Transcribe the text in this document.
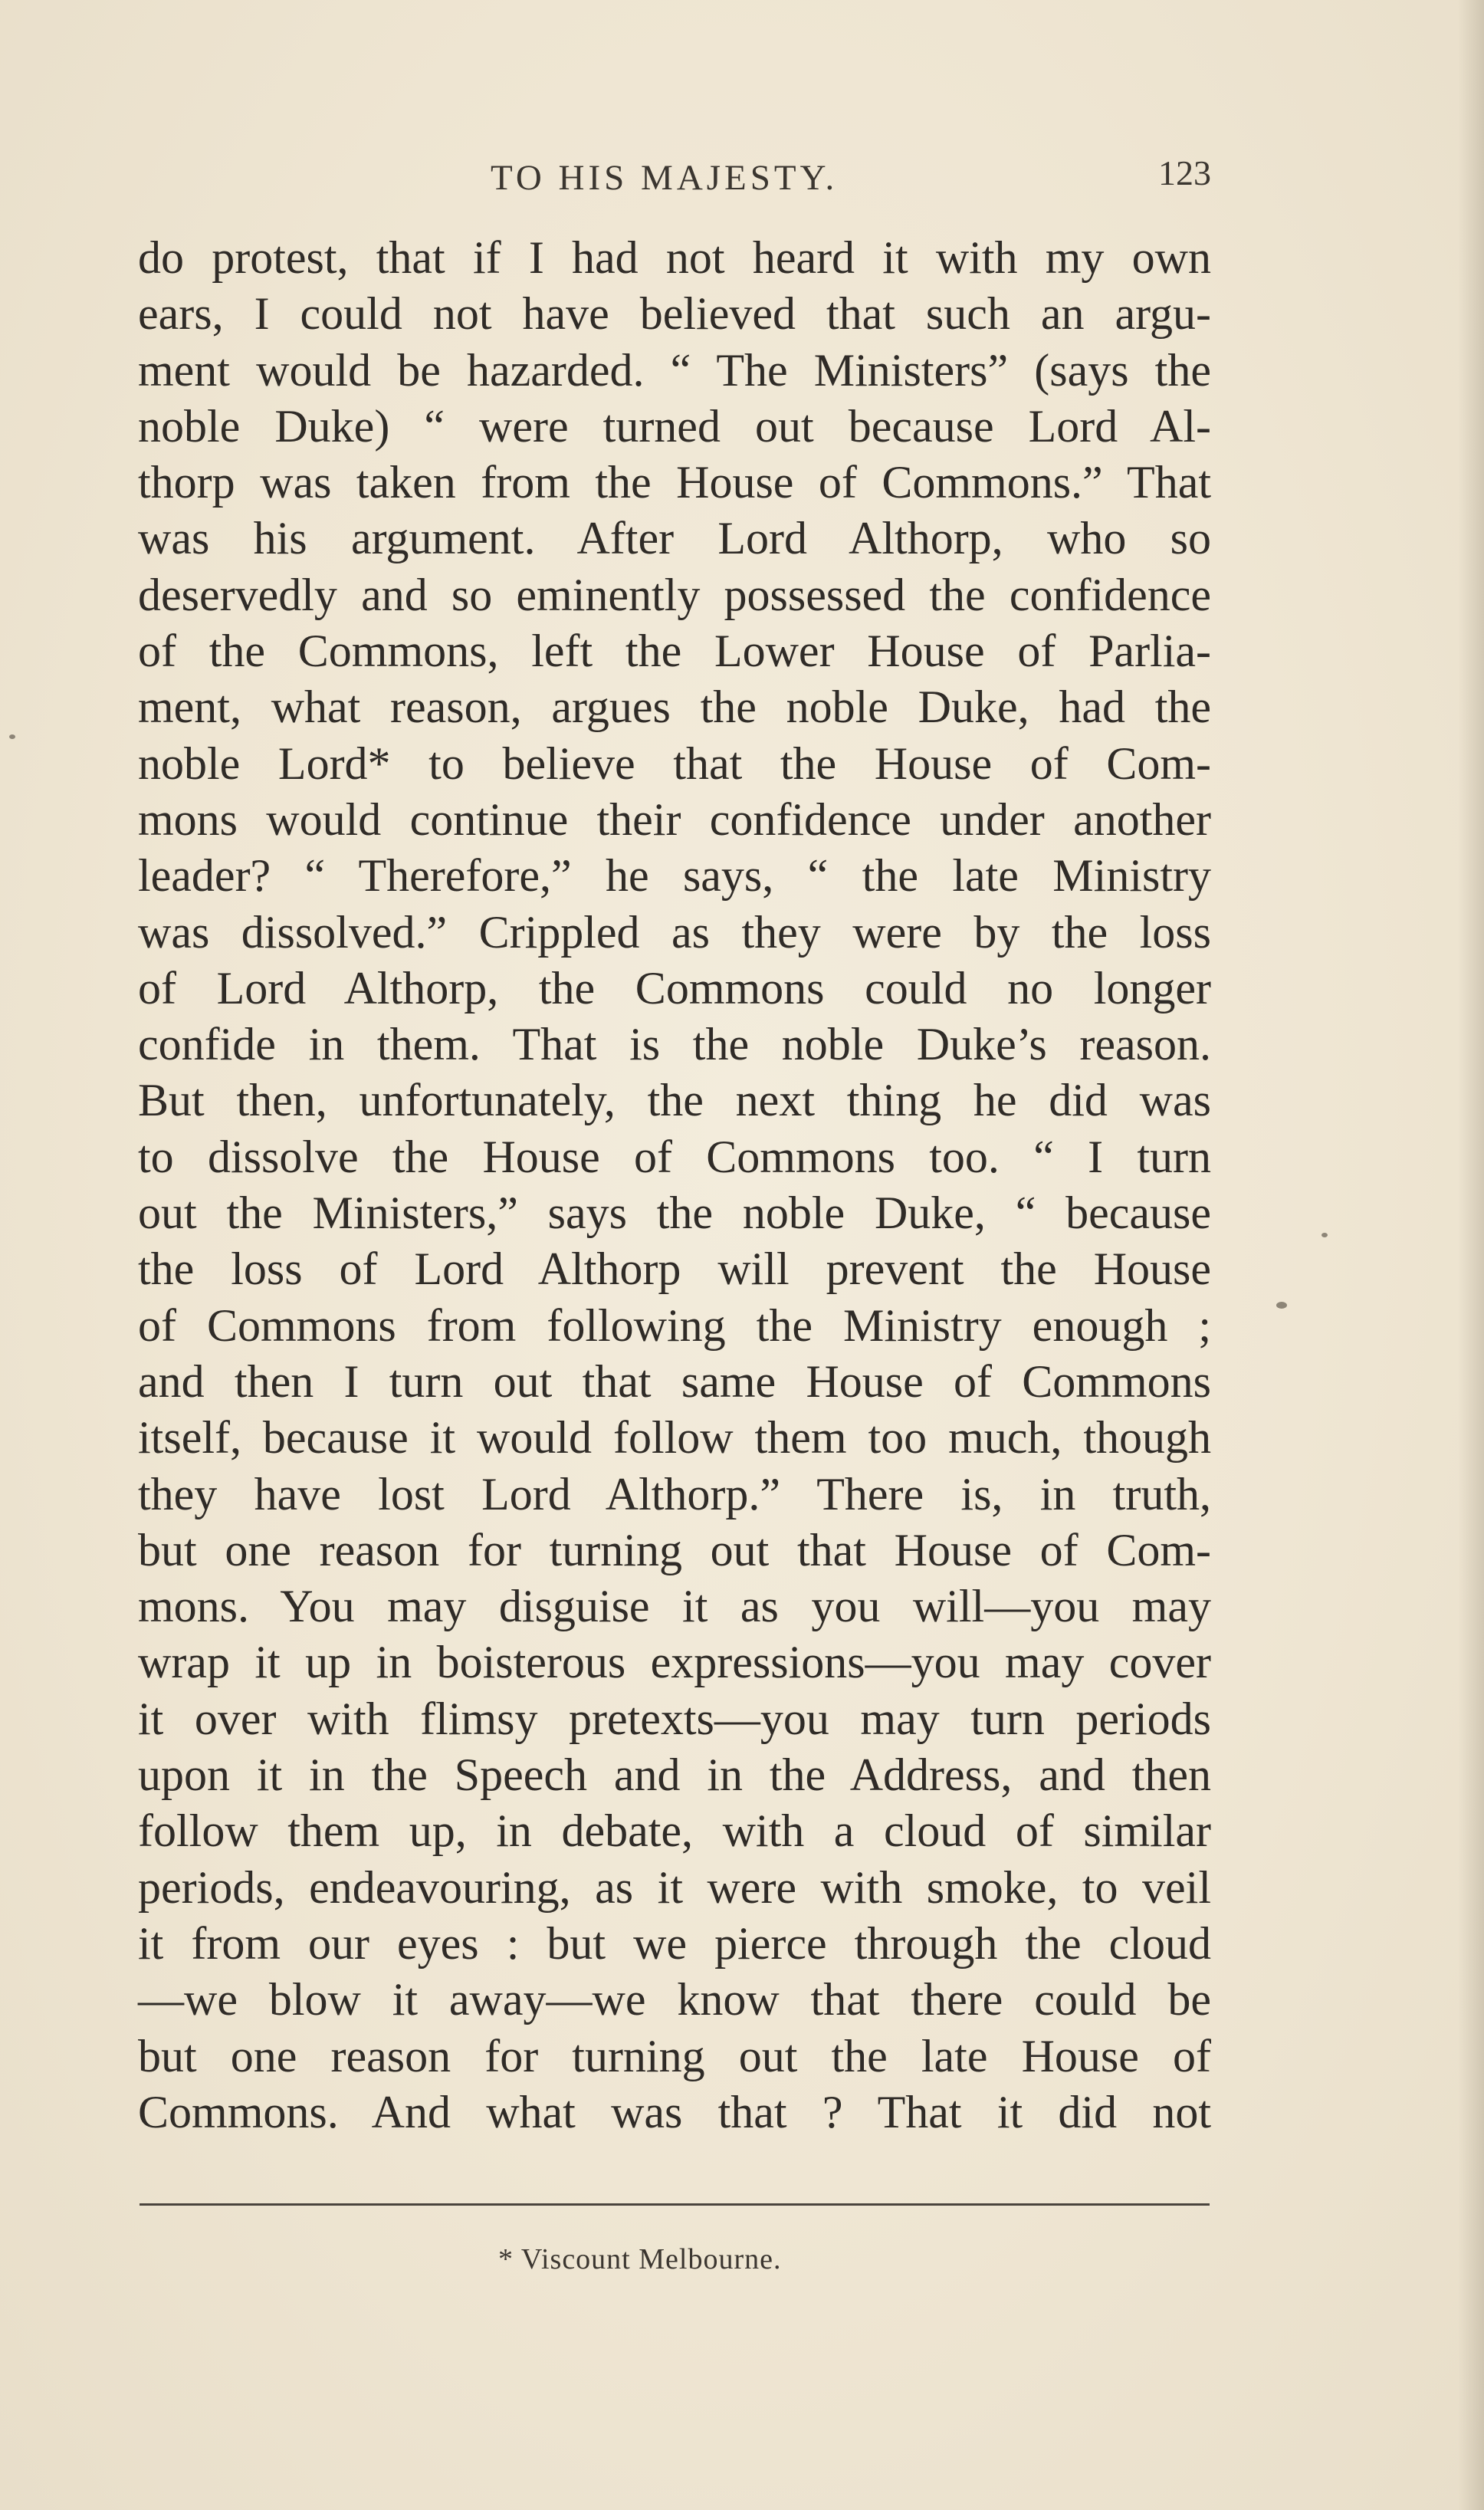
TO HIS MAJESTY.	123
do protest, that if I had not heard it with my own
ears, I could not have believed that such an argu-
ment would be hazarded. “ The Ministers” (says the
noble Duke) “ were turned out because Lord Al-
thorp was taken from the House of Commons.” That
was his argument. After Lord Althorp, who so
deservedly and so eminently possessed the confidence
of the Commons, left the Lower House of Parlia-
ment, what reason, argues the noble Duke, had the
noble Lord* to believe that the House of Com-
mons would continue their confidence under another
leader? “ Therefore,” he says, “ the late Ministry
was dissolved.” Crippled as they were by the loss
of Lord Althorp, the Commons could no longer
confide in them. That is the noble Duke’s reason.
But then, unfortunately, the next thing he did was
to dissolve the House of Commons too. “ I turn
out the Ministers,” says the noble Duke, “ because
the loss of Lord Althorp will prevent the House
of Commons from following the Ministry enough ;
and then I turn out that same House of Commons
itself, because it would follow them too much, though
they have lost Lord Althorp.” There is, in truth,
but one reason for turning out that House of Com-
mons. You may disguise it as you will—you may
wrap it up in boisterous expressions—you may cover
it over with flimsy pretexts—you may turn periods
upon it in the Speech and in the Address, and then
follow them up, in debate, with a cloud of similar
periods, endeavouring, as it were with smoke, to veil
it from our eyes : but we pierce through the cloud
—we blow it away—we know that there could be
but one reason for turning out the late House of
Commons. And what was that ? That it did not
* Viscount Melbourne.
